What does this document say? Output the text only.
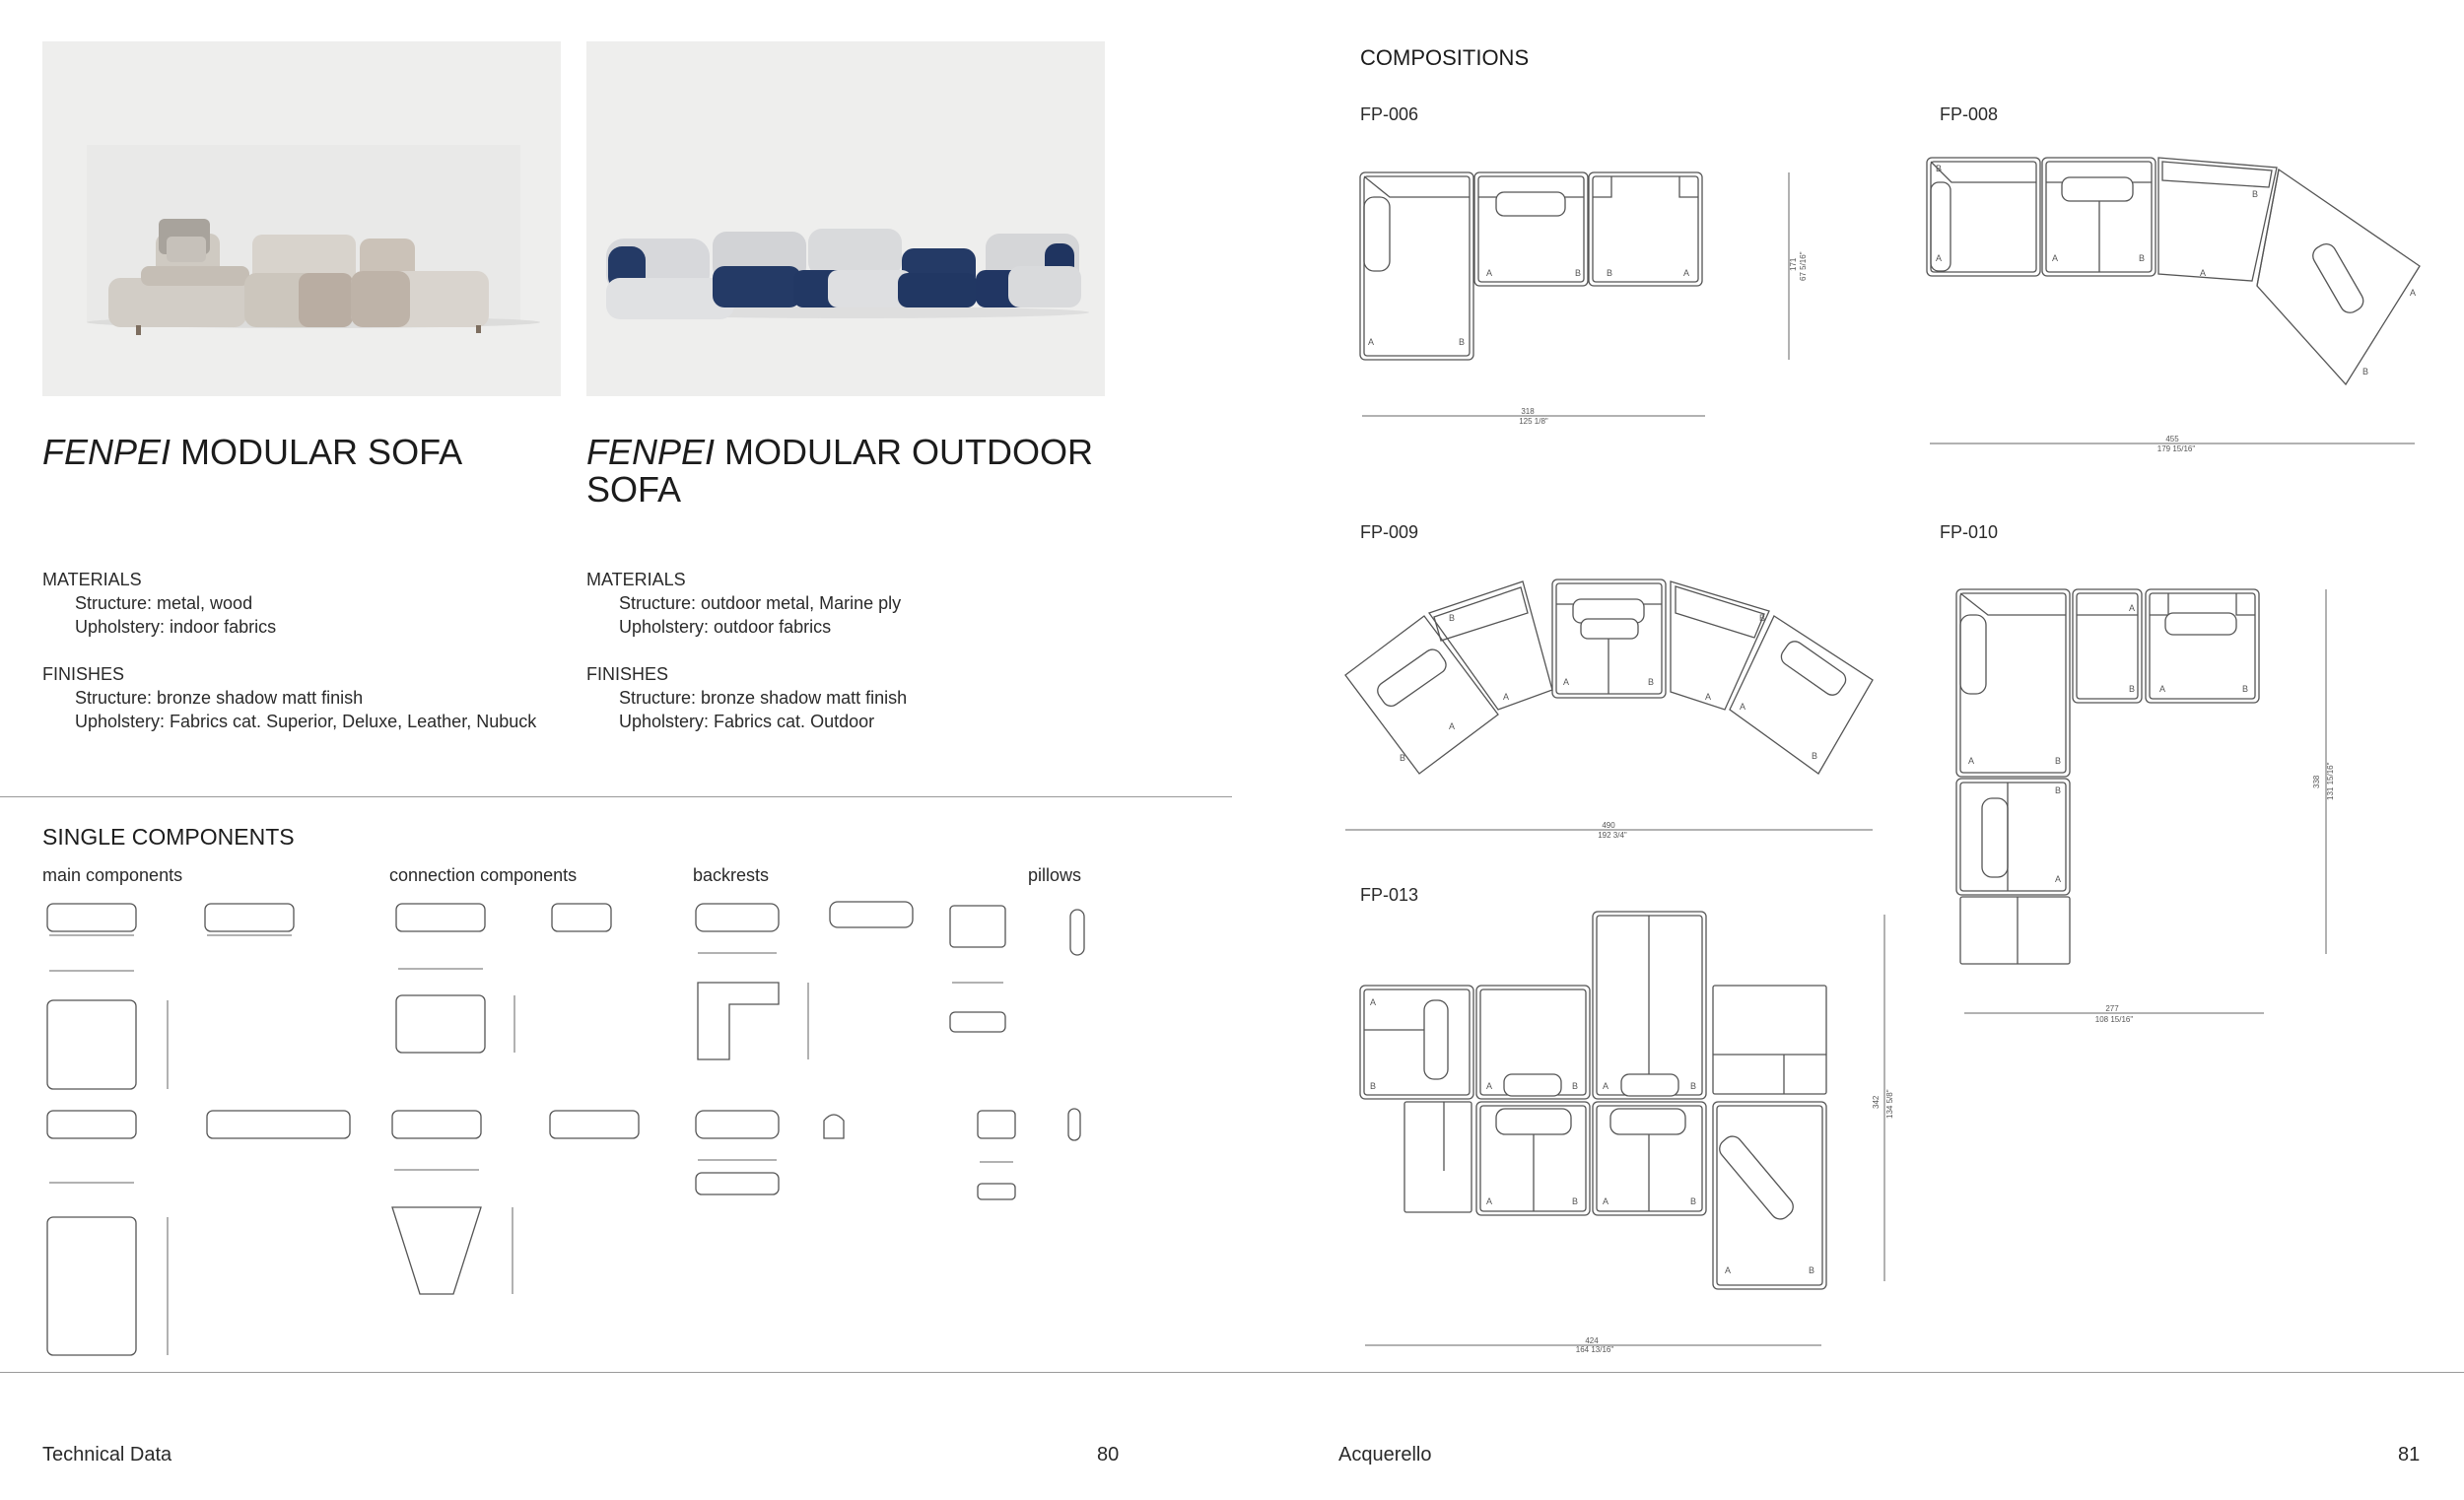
FENPEI MODULAR SOFA	FENPEI MODULAR OUTDOOR SOFA
MATERIALS
Structure: metal, wood
Upholstery: indoor fabrics
FINISHES
Structure: bronze shadow matt finish
Upholstery: Fabrics cat. Superior, Deluxe, Leather, Nubuck
MATERIALS
Structure: outdoor metal, Marine ply
Upholstery: outdoor fabrics
FINISHES
Structure: bronze shadow matt finish
Upholstery: Fabrics cat. Outdoor
SINGLE COMPONENTS
main components	connection components	backrests	pillows
COMPOSITIONS
FP-006
A	B
A	B	B	A
171 67 5/16"
318
125 1/8"
FP-008
B
A	A	B
B
A
A
B
455
179 15/16"
FP-009
A
B
B
A
A	B
B
A
A
B
490
192 3/4"
FP-010
A	B
A
B	A	B
B
A
338 131 15/16"
277
108 15/16"
FP-013
A
B	A	B	A	B
A	B	A	B
A	B
342 134 5/8"
424
164 13/16"
Technical Data	80	Acquerello	81
